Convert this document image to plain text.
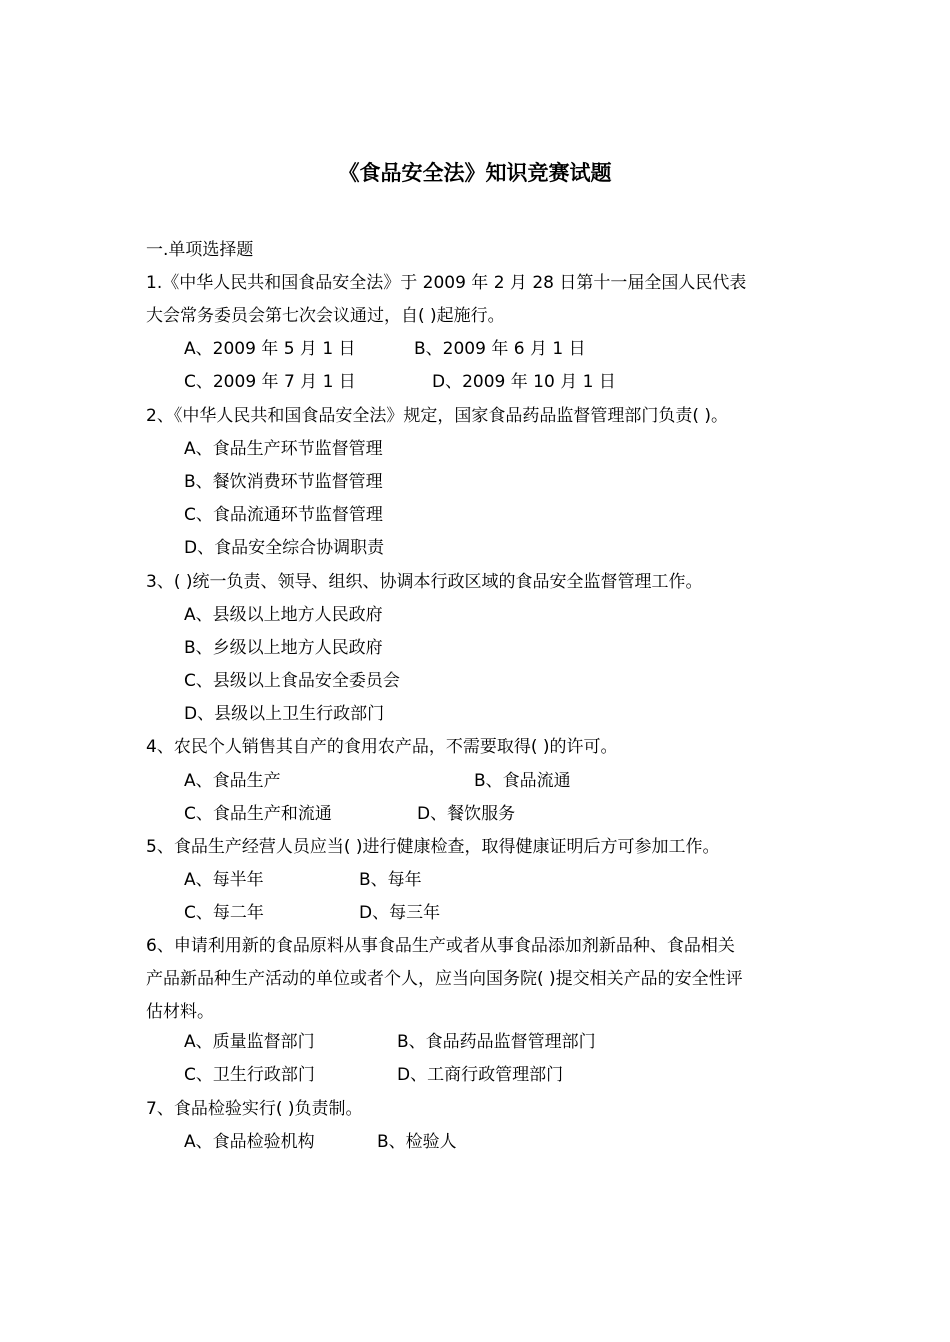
《食品安全法》知识竞赛试题
一.单项选择题
1.《中华人民共和国食品安全法》于 2009 年 2 月 28 日第十一届全国人民代表
大会常务委员会第七次会议通过，自( )起施行。
A、2009 年 5 月 1 日	B、2009 年 6 月 1 日
C、2009 年 7 月 1 日	D、2009 年 10 月 1 日
2、《中华人民共和国食品安全法》规定，国家食品药品监督管理部门负责( )。
A、食品生产环节监督管理
B、餐饮消费环节监督管理
C、食品流通环节监督管理
D、食品安全综合协调职责
3、( )统一负责、领导、组织、协调本行政区域的食品安全监督管理工作。
A、县级以上地方人民政府
B、乡级以上地方人民政府
C、县级以上食品安全委员会
D、县级以上卫生行政部门
4、农民个人销售其自产的食用农产品，不需要取得( )的许可。
A、食品生产	B、食品流通
C、食品生产和流通	D、餐饮服务
5、食品生产经营人员应当( )进行健康检查，取得健康证明后方可参加工作。
A、每半年	B、每年
C、每二年	D、每三年
6、申请利用新的食品原料从事食品生产或者从事食品添加剂新品种、食品相关
产品新品种生产活动的单位或者个人，应当向国务院( )提交相关产品的安全性评
估材料。
A、质量监督部门	B、食品药品监督管理部门
C、卫生行政部门	D、工商行政管理部门
7、食品检验实行( )负责制。
A、食品检验机构	B、检验人
